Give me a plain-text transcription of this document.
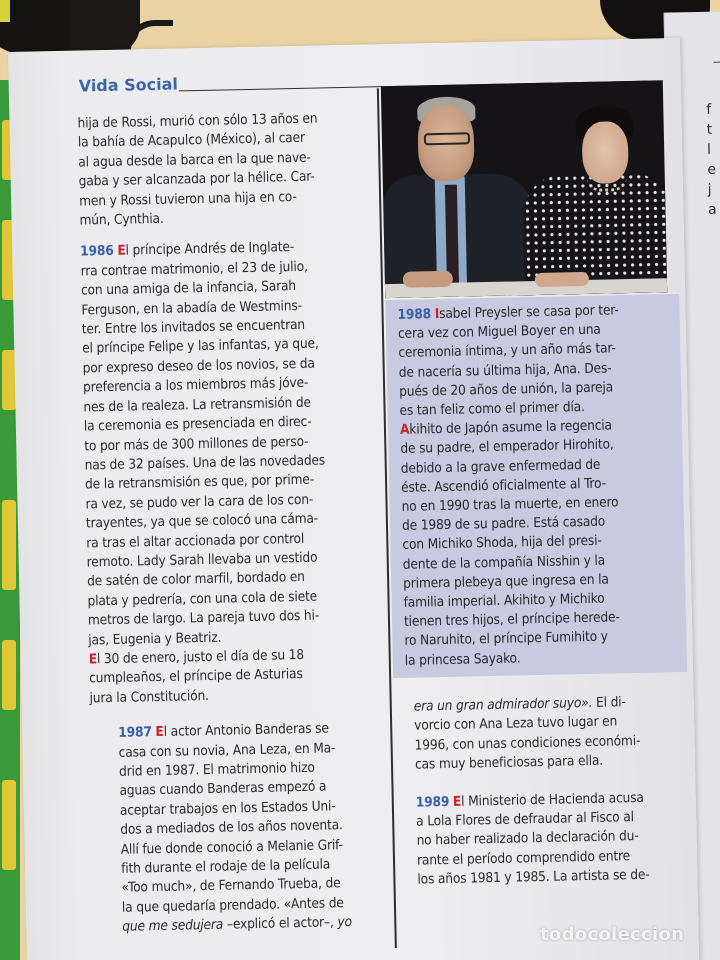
f
t
l
e
j
a
Vida Social

hija de Rossi, murió con sólo 13 años en

la bahía de Acapulco (México), al caer

al agua desde la barca en la que nave-

gaba y ser alcanzada por la hélice. Car-

men y Rossi tuvieron una hija en co-

mún, Cynthia.

1986 El príncipe Andrés de Inglate-

rra contrae matrimonio, el 23 de julio,

con una amiga de la infancia, Sarah

Ferguson, en la abadía de Westmins-

ter. Entre los invitados se encuentran

el príncipe Felipe y las infantas, ya que,

por expreso deseo de los novios, se da

preferencia a los miembros más jóve-

nes de la realeza. La retransmisión de

la ceremonia es presenciada en direc-

to por más de 300 millones de perso-

nas de 32 países. Una de las novedades

de la retransmisión es que, por prime-

ra vez, se pudo ver la cara de los con-

trayentes, ya que se colocó una cáma-

ra tras el altar accionada por control

remoto. Lady Sarah llevaba un vestido

de satén de color marfil, bordado en

plata y pedrería, con una cola de siete

metros de largo. La pareja tuvo dos hi-

jas, Eugenia y Beatriz.

El 30 de enero, justo el día de su 18

cumpleaños, el príncipe de Asturias

jura la Constitución.

1987 El actor Antonio Banderas se

casa con su novia, Ana Leza, en Ma-

drid en 1987. El matrimonio hizo

aguas cuando Banderas empezó a

aceptar trabajos en los Estados Uni-

dos a mediados de los años noventa.

Allí fue donde conoció a Melanie Grif-

fith durante el rodaje de la película

«Too much», de Fernando Trueba, de

la que quedaría prendado. «Antes de

que me sedujera –explicó el actor–, yo

1988 Isabel Preysler se casa por ter-

cera vez con Miguel Boyer en una

ceremonia íntima, y un año más tar-

de nacería su última hija, Ana. Des-

pués de 20 años de unión, la pareja

es tan feliz como el primer día.

Akihito de Japón asume la regencia

de su padre, el emperador Hirohito,

debido a la grave enfermedad de

éste. Ascendió oficialmente al Tro-

no en 1990 tras la muerte, en enero

de 1989 de su padre. Está casado

con Michiko Shoda, hija del presi-

dente de la compañía Nisshin y la

primera plebeya que ingresa en la

familia imperial. Akihito y Michiko

tienen tres hijos, el príncipe herede-

ro Naruhito, el príncipe Fumihito y

la princesa Sayako.

era un gran admirador suyo». El di-

vorcio con Ana Leza tuvo lugar en

1996, con unas condiciones económi-

cas muy beneficiosas para ella.

1989 El Ministerio de Hacienda acusa

a Lola Flores de defraudar al Fisco al

no haber realizado la declaración du-

rante el período comprendido entre

los años 1981 y 1985. La artista se de-

todocoleccion
